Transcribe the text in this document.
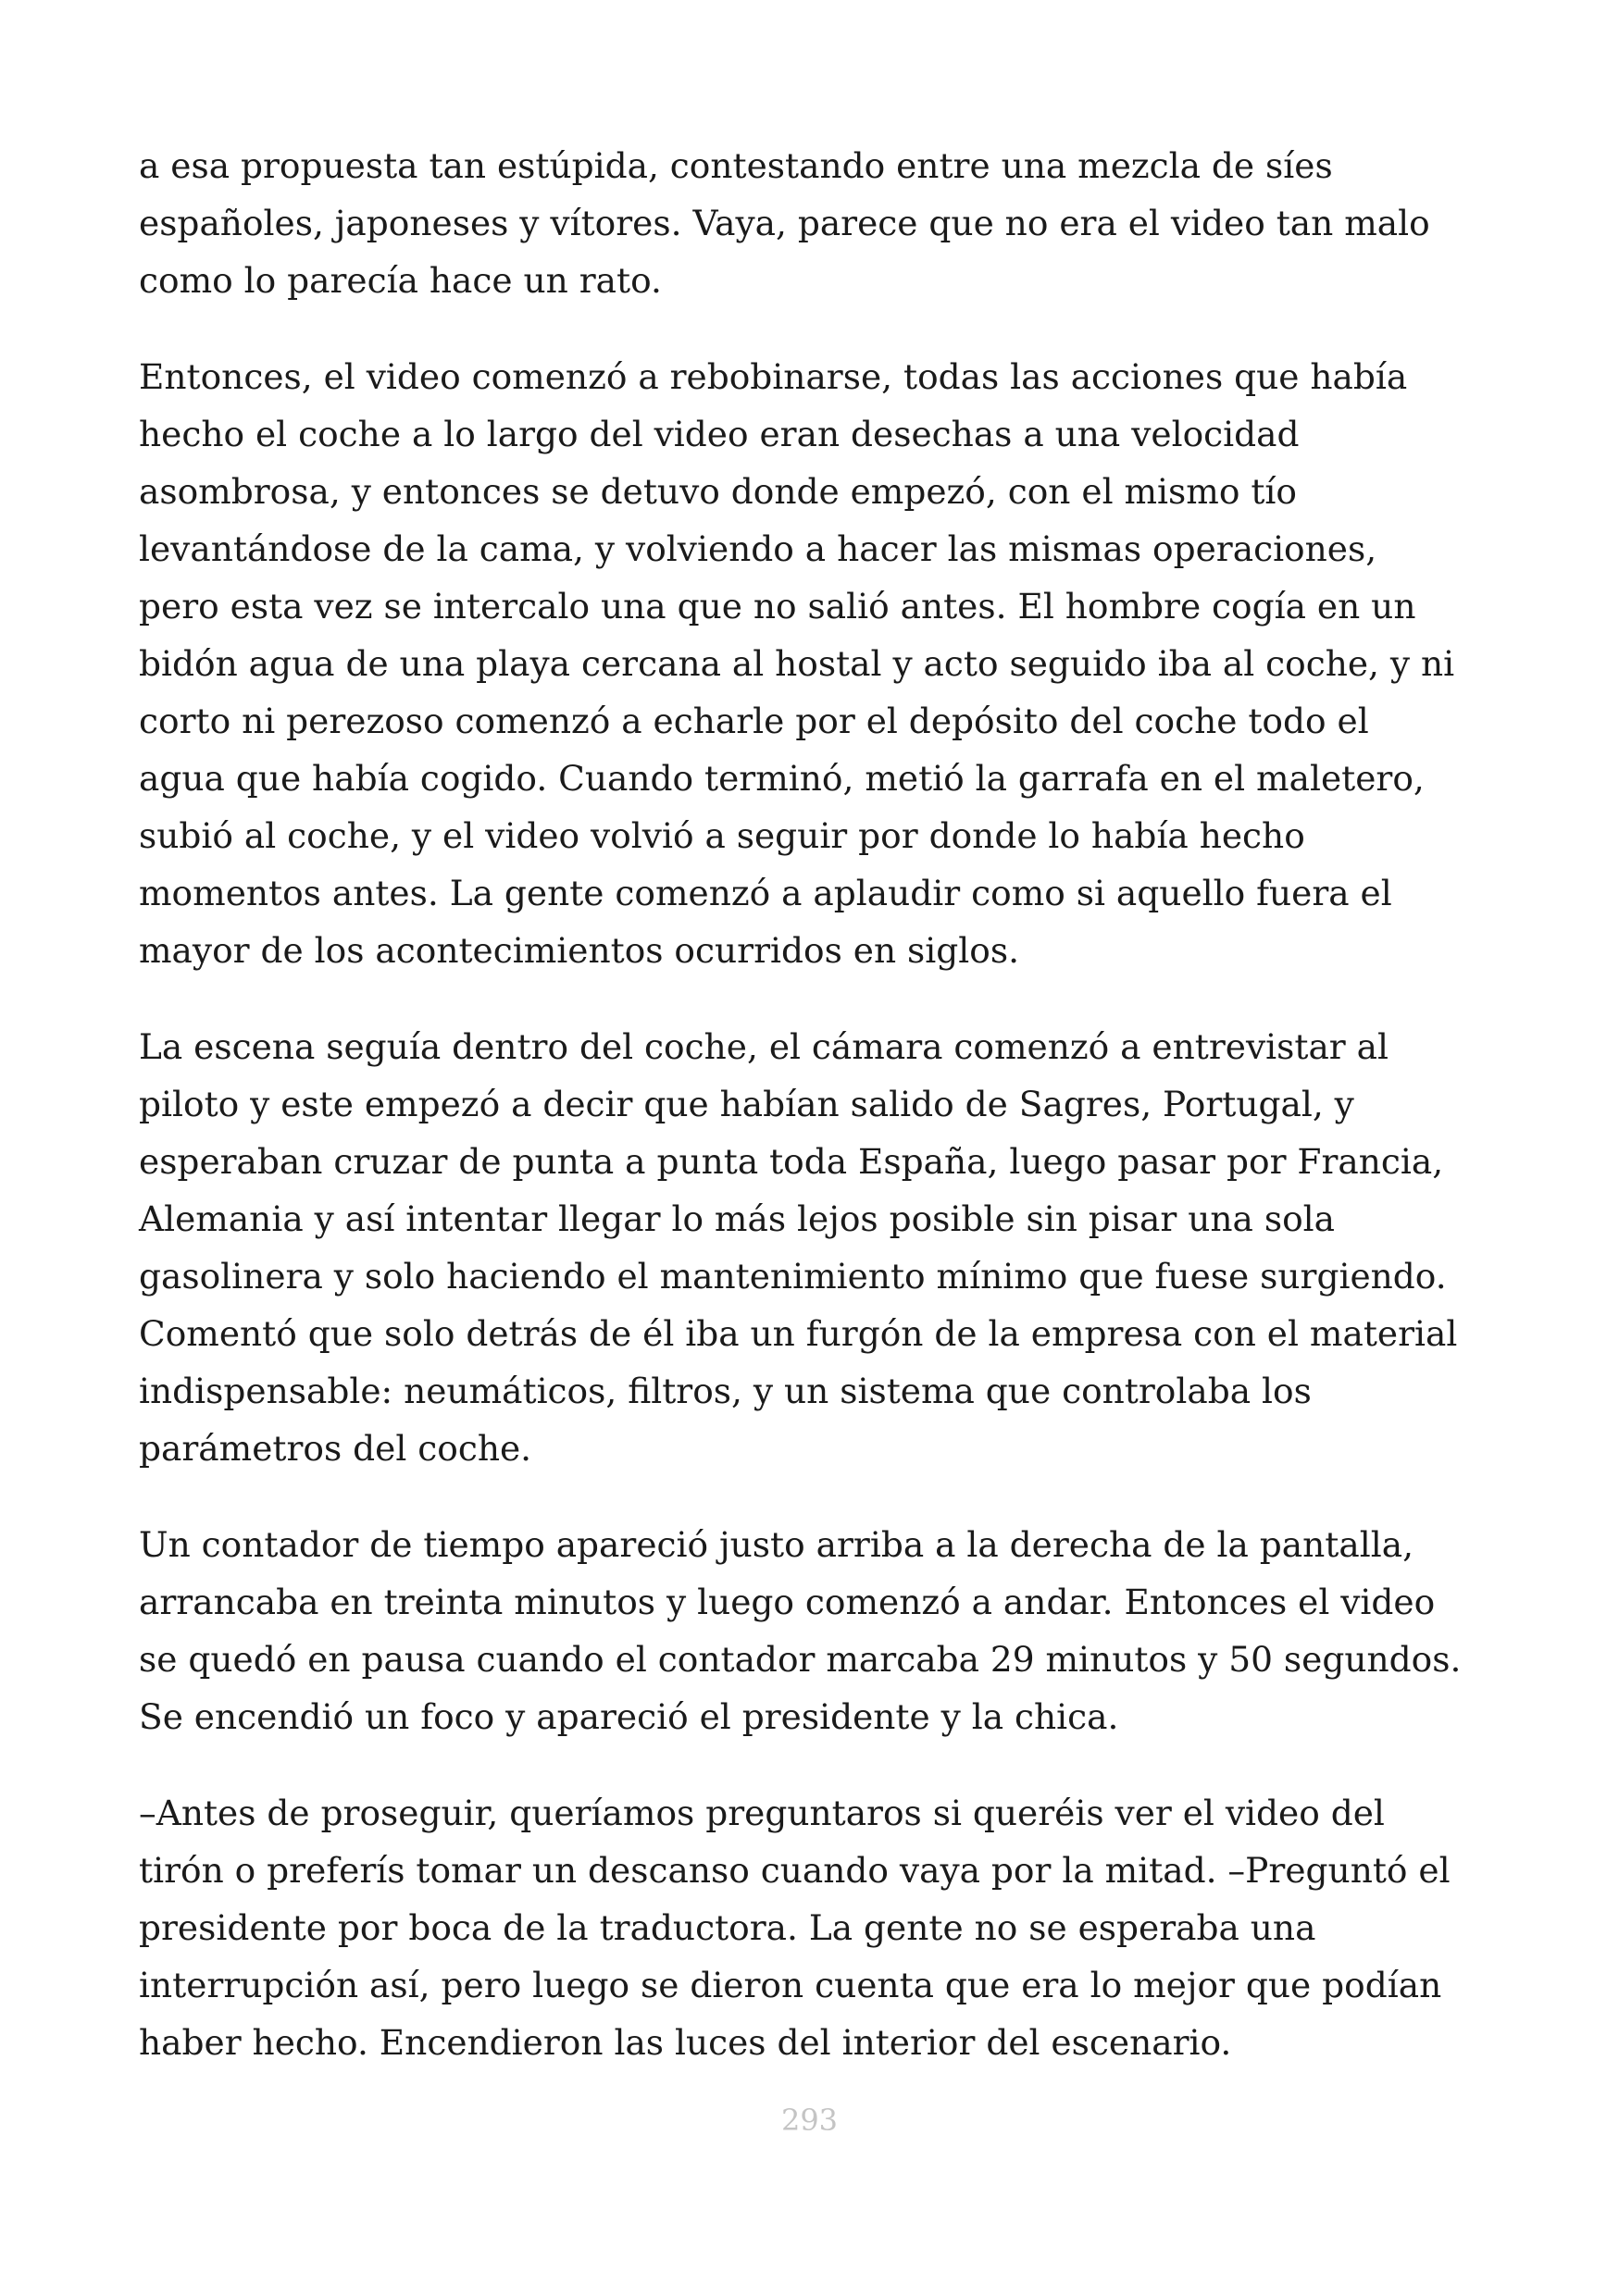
a esa propuesta tan estúpida, contestando entre una mezcla de síes
españoles, japoneses y vítores. Vaya, parece que no era el video tan malo
como lo parecía hace un rato.

Entonces, el video comenzó a rebobinarse, todas las acciones que había
hecho el coche a lo largo del video eran desechas a una velocidad
asombrosa, y entonces se detuvo donde empezó, con el mismo tío
levantándose de la cama, y volviendo a hacer las mismas operaciones,
pero esta vez se intercalo una que no salió antes. El hombre cogía en un
bidón agua de una playa cercana al hostal y acto seguido iba al coche, y ni
corto ni perezoso comenzó a echarle por el depósito del coche todo el
agua que había cogido. Cuando terminó, metió la garrafa en el maletero,
subió al coche, y el video volvió a seguir por donde lo había hecho
momentos antes. La gente comenzó a aplaudir como si aquello fuera el
mayor de los acontecimientos ocurridos en siglos.

La escena seguía dentro del coche, el cámara comenzó a entrevistar al
piloto y este empezó a decir que habían salido de Sagres, Portugal, y
esperaban cruzar de punta a punta toda España, luego pasar por Francia,
Alemania y así intentar llegar lo más lejos posible sin pisar una sola
gasolinera y solo haciendo el mantenimiento mínimo que fuese surgiendo.
Comentó que solo detrás de él iba un furgón de la empresa con el material
indispensable: neumáticos, filtros, y un sistema que controlaba los
parámetros del coche.

Un contador de tiempo apareció justo arriba a la derecha de la pantalla,
arrancaba en treinta minutos y luego comenzó a andar. Entonces el video
se quedó en pausa cuando el contador marcaba 29 minutos y 50 segundos.
Se encendió un foco y apareció el presidente y la chica.

–Antes de proseguir, queríamos preguntaros si queréis ver el video del
tirón o preferís tomar un descanso cuando vaya por la mitad. –Preguntó el
presidente por boca de la traductora. La gente no se esperaba una
interrupción así, pero luego se dieron cuenta que era lo mejor que podían
haber hecho. Encendieron las luces del interior del escenario.

293
